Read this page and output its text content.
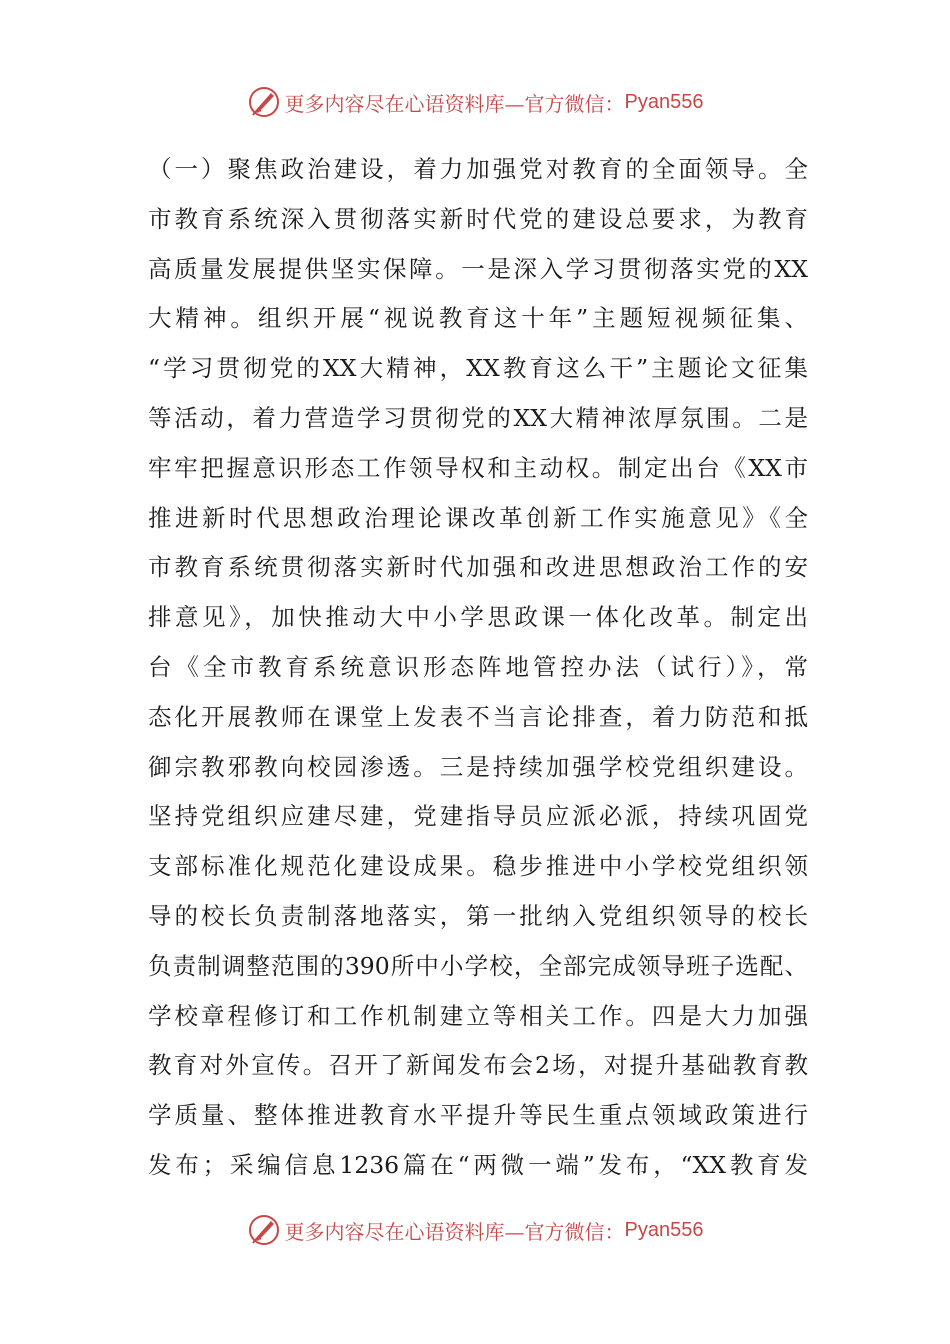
更多内容尽在心语资料库—官方微信： Pyan556
（一）聚焦政治建设，着力加强党对教育的全面领导。全
市教育系统深入贯彻落实新时代党的建设总要求，为教育
高质量发展提供坚实保障。一是深入学习贯彻落实党的XX
大精神。组织开展“视说教育这十年”主题短视频征集、
“学习贯彻党的XX大精神，XX教育这么干”主题论文征集
等活动，着力营造学习贯彻党的XX大精神浓厚氛围。二是
牢牢把握意识形态工作领导权和主动权。制定出台《XX市
推进新时代思想政治理论课改革创新工作实施意见》《全
市教育系统贯彻落实新时代加强和改进思想政治工作的安
排意见》，加快推动大中小学思政课一体化改革。制定出
台《全市教育系统意识形态阵地管控办法（试行）》，常
态化开展教师在课堂上发表不当言论排查，着力防范和抵
御宗教邪教向校园渗透。三是持续加强学校党组织建设。
坚持党组织应建尽建，党建指导员应派必派，持续巩固党
支部标准化规范化建设成果。稳步推进中小学校党组织领
导的校长负责制落地落实，第一批纳入党组织领导的校长
负责制调整范围的390所中小学校，全部完成领导班子选配、
学校章程修订和工作机制建立等相关工作。四是大力加强
教育对外宣传。召开了新闻发布会2场，对提升基础教育教
学质量、整体推进教育水平提升等民生重点领域政策进行
发布；采编信息1236篇在“两微一端”发布，“XX教育发
更多内容尽在心语资料库—官方微信： Pyan556
